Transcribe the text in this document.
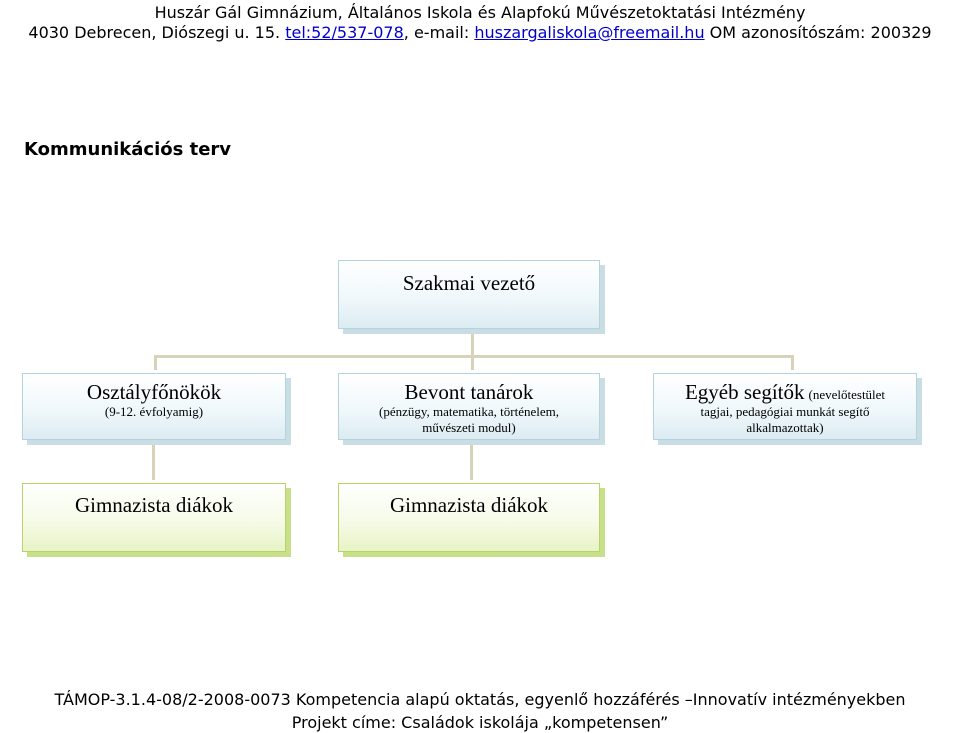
Huszár Gál Gimnázium, Általános Iskola és Alapfokú Művészetoktatási Intézmény
4030 Debrecen, Diószegi u. 15. tel:52/537-078, e-mail: huszargaliskola@freemail.hu OM azonosítószám: 200329
Kommunikációs terv
Szakmai vezető
Osztályfőnökök
(9-12. évfolyamig)
Bevont tanárok
(pénzügy, matematika, történelem, művészeti modul)
Egyéb segítők (nevelőtestület
tagjai, pedagógiai munkát segítő alkalmazottak)
Gimnazista diákok	Gimnazista diákok
TÁMOP-3.1.4-08/2-2008-0073 Kompetencia alapú oktatás, egyenlő hozzáférés –Innovatív intézményekben
Projekt címe: Családok iskolája „kompetensen”
